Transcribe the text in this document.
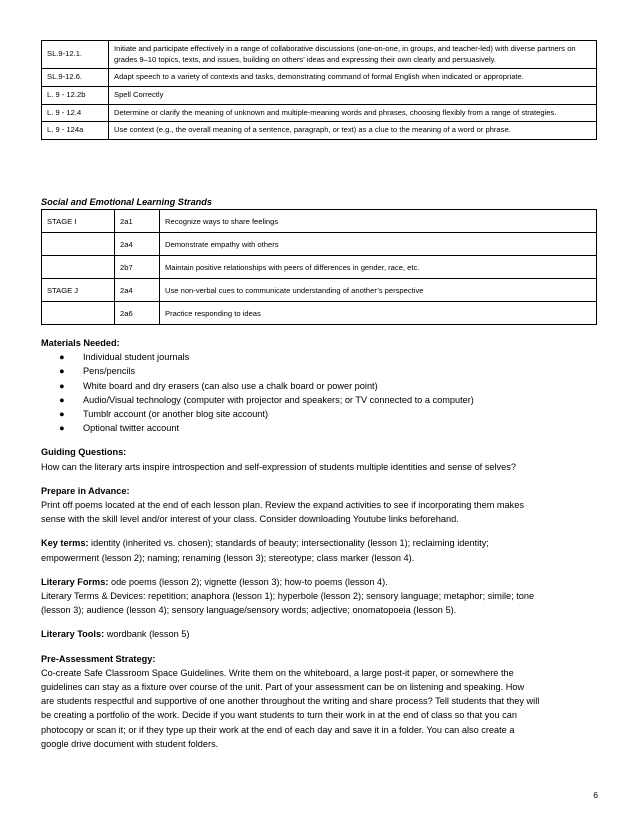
SL.9-12.1.	Initiate and participate effectively in a range of collaborative discussions (one-on-one, in groups, and teacher-led) with diverse partners on grades 9–10 topics, texts, and issues, building on others’ ideas and expressing their own clearly and persuasively.
SL.9-12.6.	Adapt speech to a variety of contexts and tasks, demonstrating command of formal English when indicated or appropriate.
L. 9 - 12.2b	Spell Correctly
L. 9 - 12.4	Determine or clarify the meaning of unknown and multiple-meaning words and phrases, choosing flexibly from a range of strategies.
L. 9 - 124a	Use context (e.g., the overall meaning of a sentence, paragraph, or text) as a clue to the meaning of a word or phrase.
Social and Emotional Learning Strands
STAGE I	2a1	Recognize ways to share feelings
	2a4	Demonstrate empathy with others
	2b7	Maintain positive relationships with peers of differences in gender, race, etc.
STAGE J	2a4	Use non-verbal cues to communicate understanding of another’s perspective
	2a6	Practice responding to ideas

Materials Needed:

● Individual student journals
● Pens/pencils
● White board and dry erasers (can also use a chalk board or power point)
● Audio/Visual technology (computer with projector and speakers; or TV connected to a computer)
● Tumblr account (or another blog site account)
● Optional twitter account

Guiding Questions:

How can the literary arts inspire introspection and self-expression of students multiple identities and sense of selves?

Prepare in Advance:

Print off poems located at the end of each lesson plan. Review the expand activities to see if incorporating them makes

sense with the skill level and/or interest of your class. Consider downloading Youtube links beforehand.

Key terms: identity (inherited vs. chosen); standards of beauty; intersectionality (lesson 1); reclaiming identity;

empowerment (lesson 2); naming; renaming (lesson 3); stereotype; class marker (lesson 4).

Literary Forms: ode poems (lesson 2); vignette (lesson 3); how-to poems (lesson 4).

Literary Terms & Devices: repetition; anaphora (lesson 1); hyperbole (lesson 2); sensory language; metaphor; simile; tone

(lesson 3); audience (lesson 4); sensory language/sensory words; adjective; onomatopoeia (lesson 5).

Literary Tools: wordbank (lesson 5)

Pre-Assessment Strategy:

Co-create Safe Classroom Space Guidelines. Write them on the whiteboard, a large post-it paper, or somewhere the

guidelines can stay as a fixture over course of the unit. Part of your assessment can be on listening and speaking. How

are students respectful and supportive of one another throughout the writing and share process? Tell students that they will

be creating a portfolio of the work. Decide if you want students to turn their work in at the end of class so that you can

photocopy or scan it; or if they type up their work at the end of each day and save it in a folder. You can also create a

google drive document with student folders.

6
